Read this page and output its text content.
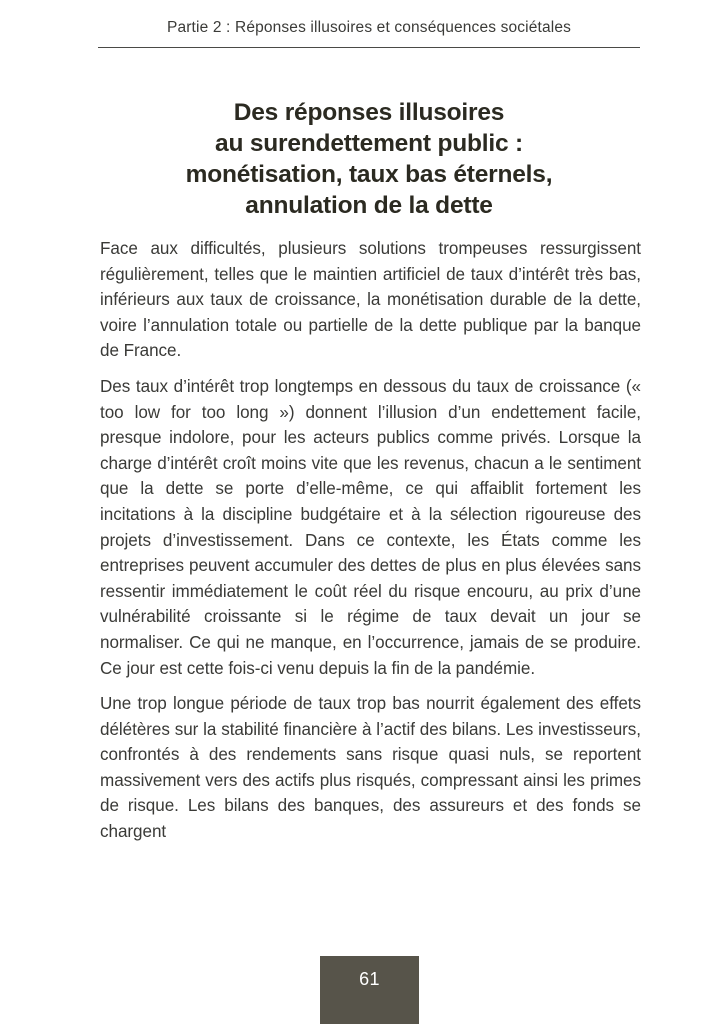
Partie 2 : Réponses illusoires et conséquences sociétales
Des réponses illusoires
au surendettement public :
monétisation, taux bas éternels,
annulation de la dette

Face aux difficultés, plusieurs solutions trompeuses ressurgissent régulièrement, telles que le maintien artificiel de taux d’intérêt très bas, inférieurs aux taux de croissance, la monétisation durable de la dette, voire l’annulation totale ou partielle de la dette publique par la banque de France.

Des taux d’intérêt trop longtemps en dessous du taux de croissance (« too low for too long ») donnent l’illusion d’un endettement facile, presque indolore, pour les acteurs publics comme privés. Lorsque la charge d’intérêt croît moins vite que les revenus, chacun a le sentiment que la dette se porte d’elle-même, ce qui affaiblit fortement les incitations à la discipline budgétaire et à la sélection rigoureuse des projets d’investissement. Dans ce contexte, les États comme les entreprises peuvent accumuler des dettes de plus en plus élevées sans ressentir immédiatement le coût réel du risque encouru, au prix d’une vulnérabilité croissante si le régime de taux devait un jour se normaliser. Ce qui ne manque, en l’occurrence, jamais de se produire. Ce jour est cette fois-ci venu depuis la fin de la pandémie.

Une trop longue période de taux trop bas nourrit également des effets délétères sur la stabilité financière à l’actif des bilans. Les investisseurs, confrontés à des rendements sans risque quasi nuls, se reportent massivement vers des actifs plus risqués, compressant ainsi les primes de risque. Les bilans des banques, des assureurs et des fonds se chargent

61
